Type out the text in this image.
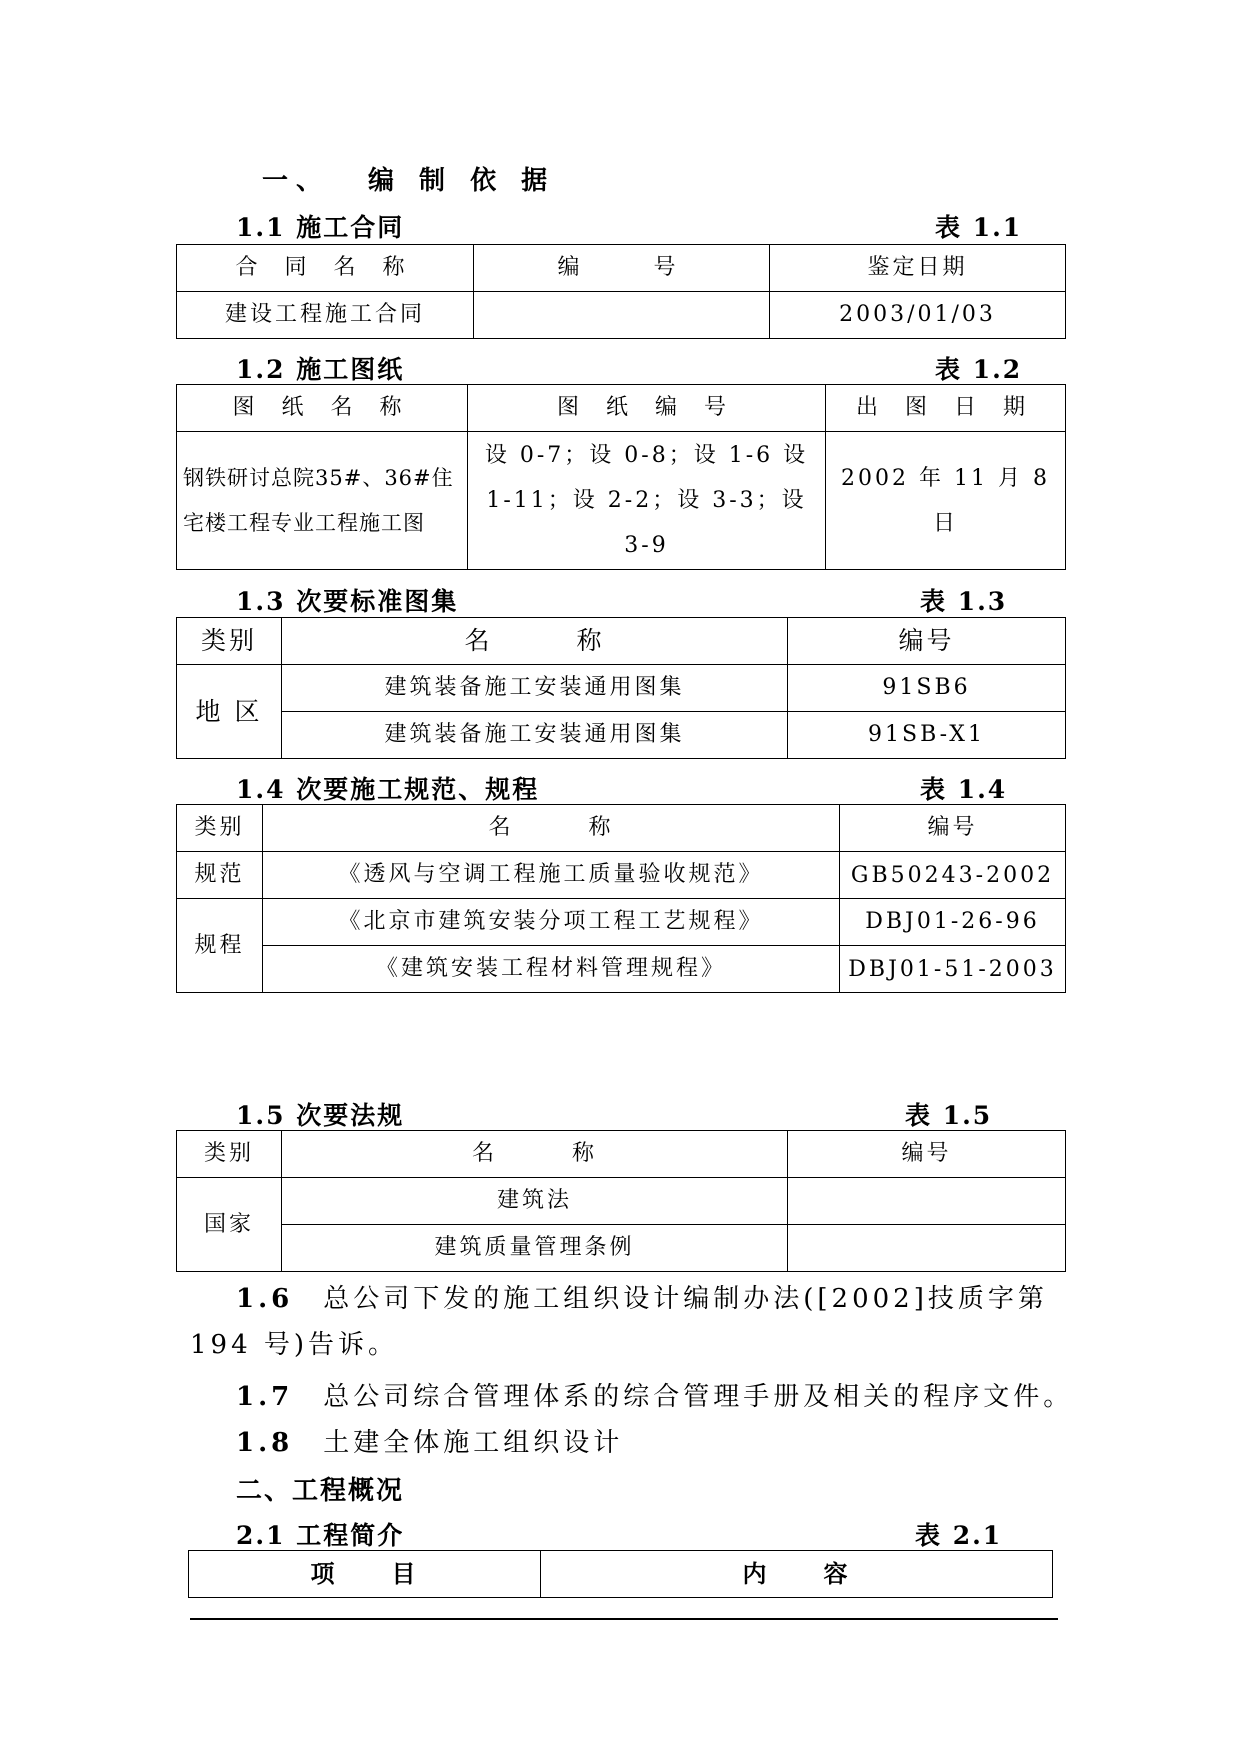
一、 编 制 依 据
1.1 施工合同	表 1.1
合 同 名 称	编　　号	鉴定日期
建设工程施工合同		2003/01/03
1.2 施工图纸	表 1.2
图 纸 名 称	图 纸 编 号	出 图 日 期
钢铁研讨总院35#、36#住宅楼工程专业工程施工图	设 0-7；设 0-8；设 1-6 设 1-11；设 2-2；设 3-3；设 3-9	2002 年 11 月 8 日
1.3 次要标准图集	表 1.3
类别	名　　　称	编号
地 区	建筑装备施工安装通用图集	91SB6
	建筑装备施工安装通用图集	91SB-X1
1.4 次要施工规范、规程	表 1.4
类别	名　　　称	编号
规范	《透风与空调工程施工质量验收规范》	GB50243-2002
规程	《北京市建筑安装分项工程工艺规程》	DBJ01-26-96
	《建筑安装工程材料管理规程》	DBJ01-51-2003
1.5 次要法规	表 1.5
类别	名　　　称	编号
国家	建筑法	
	建筑质量管理条例	
1.6　 总公司下发的施工组织设计编制办法([2002]技质字第 194 号)告诉。
1.7　 总公司综合管理体系的综合管理手册及相关的程序文件。
1.8　 土建全体施工组织设计
二、工程概况
2.1 工程简介	表 2.1
项　　目	内　　容
